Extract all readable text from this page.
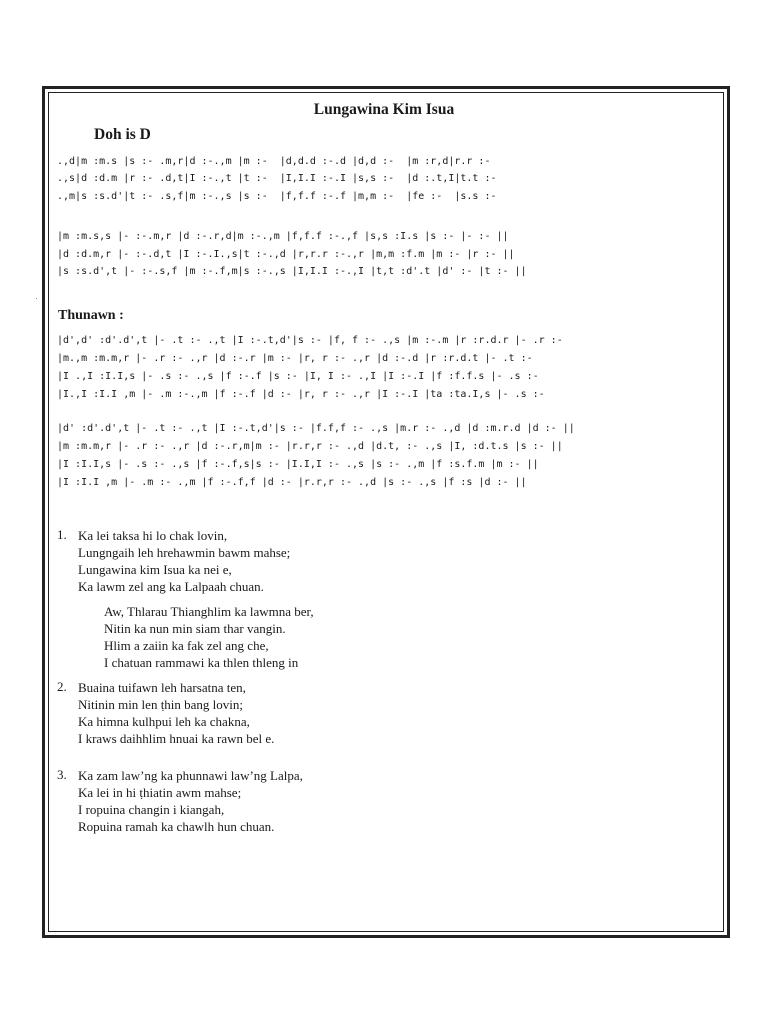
Lungawina Kim Isua
Doh is D
.,d|m :m.s |s :- .m,r|d :-.,m |m :-  |d,d.d :-.d |d,d :-  |m :r,d|r.r :-
.,s|d :d.m |r :- .d,t|I :-.,t |t :-  |I,I.I :-.I |s,s :-  |d :.t,I|t.t :-
.,m|s :s.d'|t :- .s,f|m :-.,s |s :-  |f,f.f :-.f |m,m :-  |fe :-  |s.s :-
|m :m.s,s |- :-.m,r |d :-.r,d|m :-.,m |f,f.f :-.,f |s,s :I.s |s :- |- :- ||
|d :d.m,r |- :-.d,t |I :-.I.,s|t :-.,d |r,r.r :-.,r |m,m :f.m |m :- |r :- ||
|s :s.d',t |- :-.s,f |m :-.f,m|s :-.,s |I,I.I :-.,I |t,t :d'.t |d' :- |t :- ||
Thunawn :
|d',d' :d'.d',t |- .t :- .,t |I :-.t,d'|s :- |f, f :- .,s |m :-.m |r :r.d.r |- .r :-
|m.,m :m.m,r |- .r :- .,r |d :-.r |m :- |r, r :- .,r |d :-.d |r :r.d.t |- .t :-
|I .,I :I.I,s |- .s :- .,s |f :-.f |s :- |I, I :- .,I |I :-.I |f :f.f.s |- .s :-
|I.,I :I.I ,m |- .m :-.,m |f :-.f |d :- |r, r :- .,r |I :-.I |ta :ta.I,s |- .s :-
|d' :d'.d',t |- .t :- .,t |I :-.t,d'|s :- |f.f,f :- .,s |m.r :- .,d |d :m.r.d |d :- ||
|m :m.m,r |- .r :- .,r |d :-.r,m|m :- |r.r,r :- .,d |d.t, :- .,s |I, :d.t.s |s :- ||
|I :I.I,s |- .s :- .,s |f :-.f,s|s :- |I.I,I :- .,s |s :- .,m |f :s.f.m |m :- ||
|I :I.I ,m |- .m :- .,m |f :-.f,f |d :- |r.r,r :- .,d |s :- .,s |f :s |d :- ||
1. Ka lei taksa hi lo chak lovin,
Lungngaih leh hrehawmin bawm mahse;
Lungawina kim Isua ka nei e,
Ka lawm zel ang ka Lalpaah chuan.
Aw, Thlarau Thianghlim ka lawmna ber,
Nitin ka nun min siam thar vangin.
Hlim a zaiin ka fak zel ang che,
I chatuan rammawi ka thlen thleng in
2. Buaina tuifawn leh harsatna ten,
Nitinin min len ṭhin bang lovin;
Ka himna kulhpui leh ka chakna,
I kraws daihhlim hnuai ka rawn bel e.
3. Ka zam law’ng ka phunnawi law’ng Lalpa,
Ka lei in hi ṭhiatin awm mahse;
I ropuina changin i kiangah,
Ropuina ramah ka chawlh hun chuan.
